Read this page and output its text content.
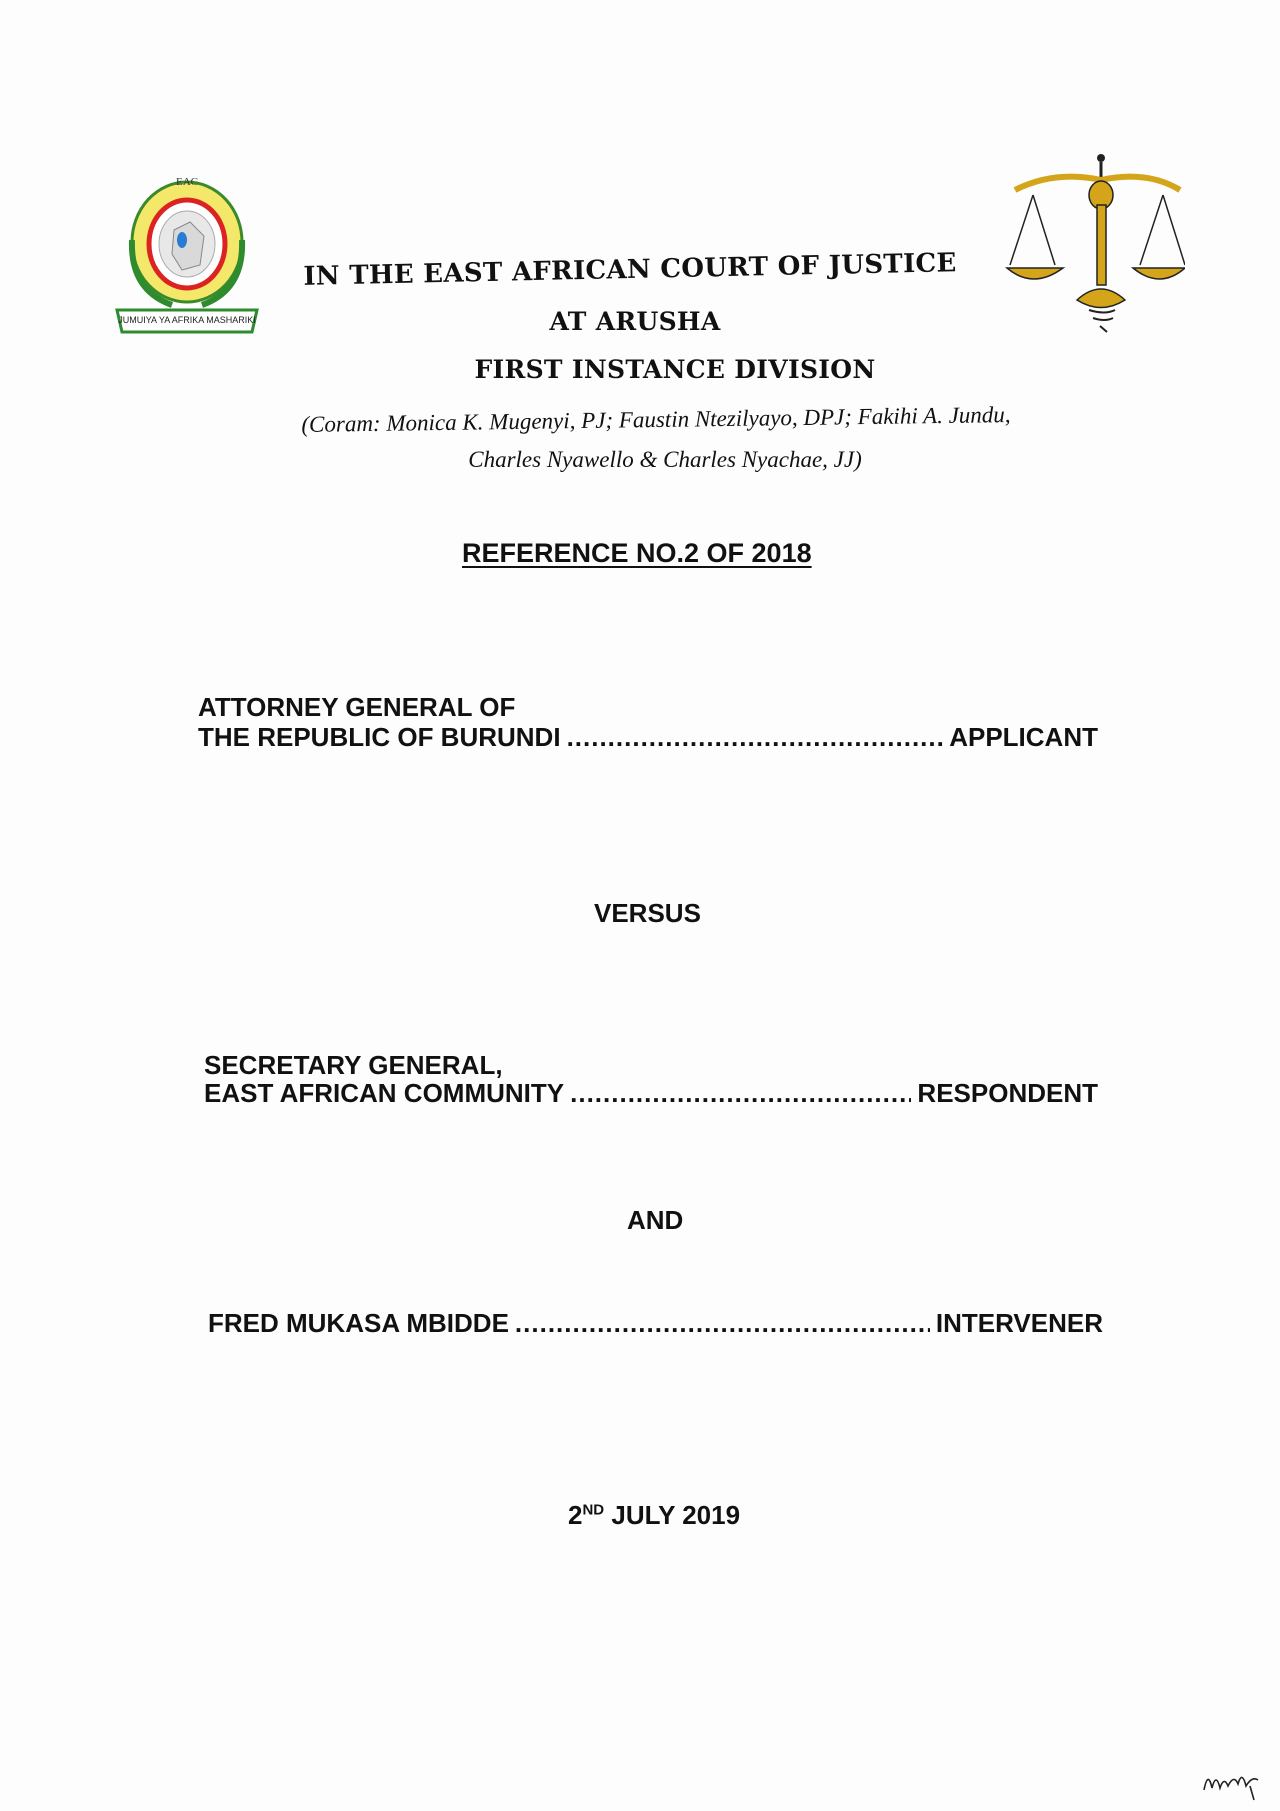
EAC
JUMUIYA YA AFRIKA MASHARIKI
IN THE EAST AFRICAN COURT OF JUSTICE
AT ARUSHA
FIRST INSTANCE DIVISION
(Coram: Monica K. Mugenyi, PJ; Faustin Ntezilyayo, DPJ; Fakihi A. Jundu,
Charles Nyawello & Charles Nyachae, JJ)
REFERENCE NO.2 OF 2018
ATTORNEY GENERAL OF
THE REPUBLIC OF BURUNDI .....	APPLICANT
VERSUS
SECRETARY GENERAL,
EAST AFRICAN COMMUNITY .....	RESPONDENT
AND
FRED MUKASA MBIDDE .....	INTERVENER
2ND JULY 2019
